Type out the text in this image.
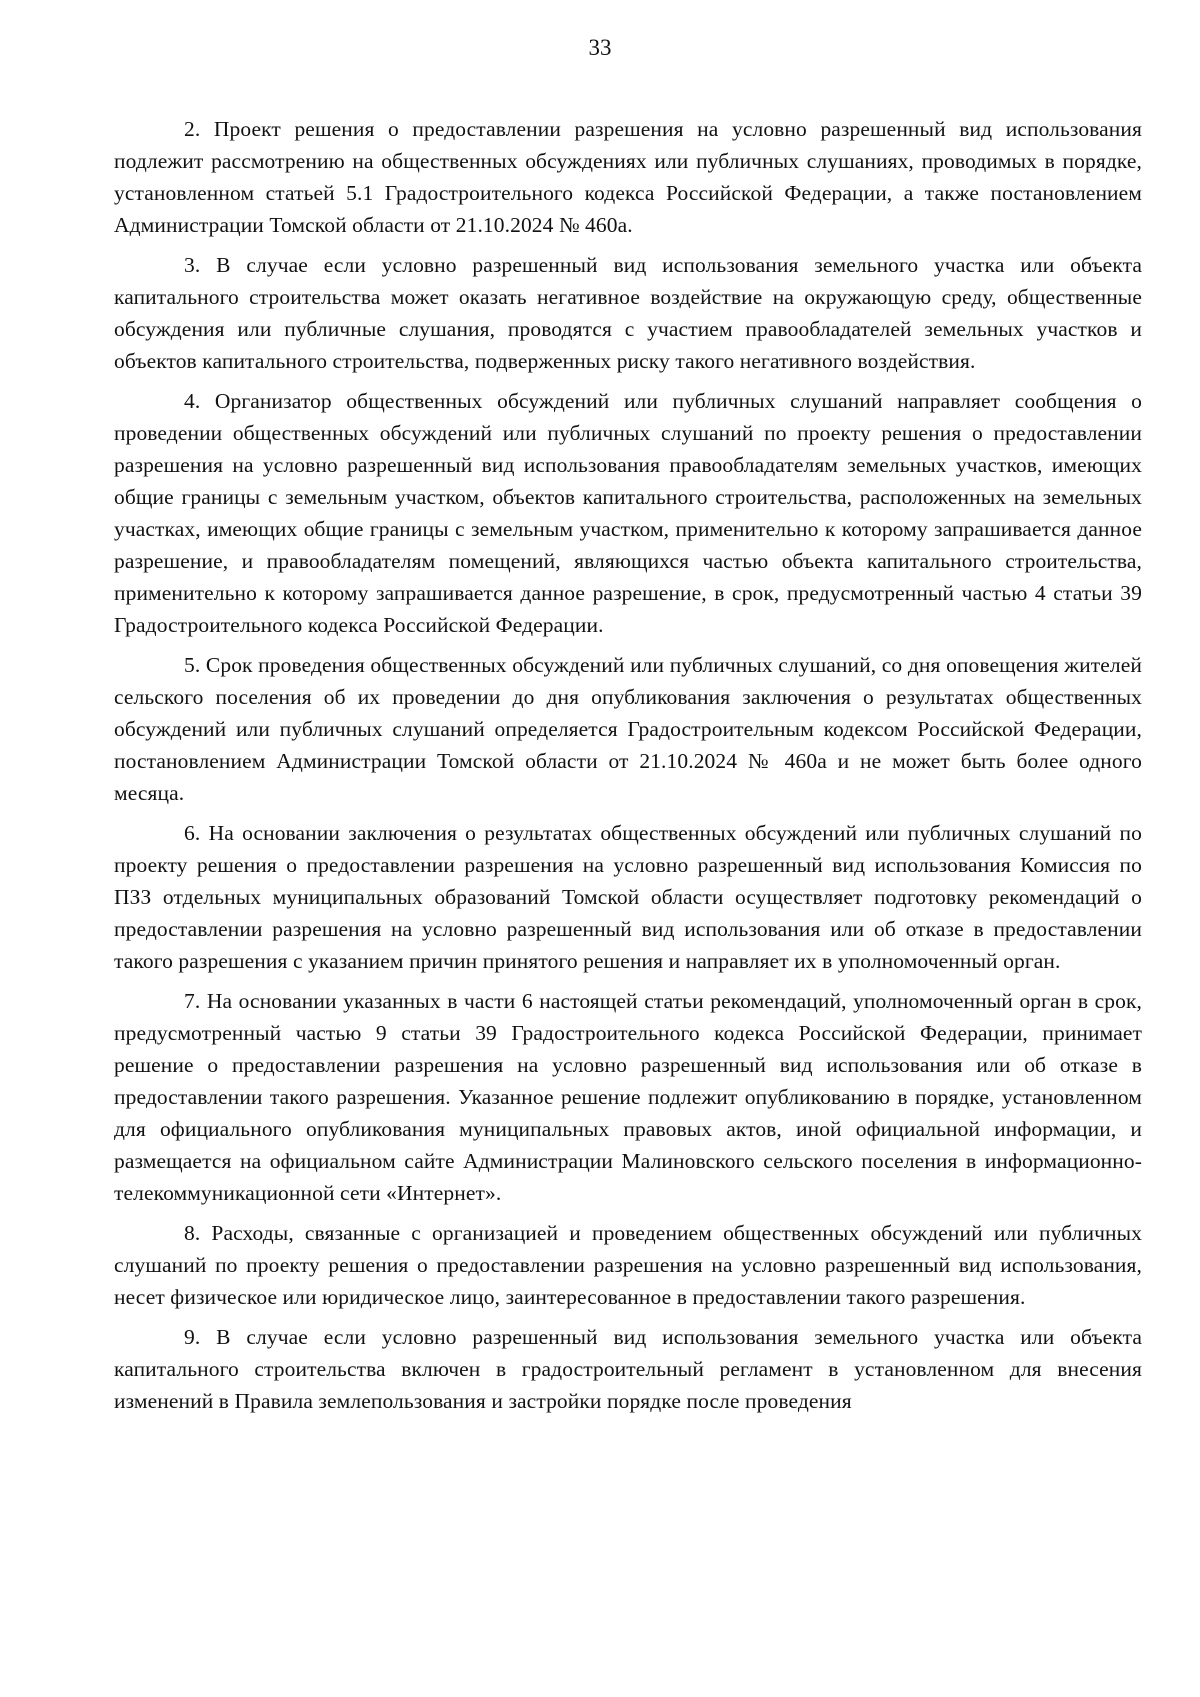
33

2. Проект решения о предоставлении разрешения на условно разрешенный вид использования подлежит рассмотрению на общественных обсуждениях или публичных слушаниях, проводимых в порядке, установленном статьей 5.1 Градостроительного кодекса Российской Федерации, а также постановлением Администрации Томской области от 21.10.2024 № 460а.

3. В случае если условно разрешенный вид использования земельного участка или объекта капитального строительства может оказать негативное воздействие на окружающую среду, общественные обсуждения или публичные слушания, проводятся с участием правообладателей земельных участков и объектов капитального строительства, подверженных риску такого негативного воздействия.

4. Организатор общественных обсуждений или публичных слушаний направляет сообщения о проведении общественных обсуждений или публичных слушаний по проекту решения о предоставлении разрешения на условно разрешенный вид использования правообладателям земельных участков, имеющих общие границы с земельным участком, объектов капитального строительства, расположенных на земельных участках, имеющих общие границы с земельным участком, применительно к которому запрашивается данное разрешение, и правообладателям помещений, являющихся частью объекта капитального строительства, применительно к которому запрашивается данное разрешение, в срок, предусмотренный частью 4 статьи 39 Градостроительного кодекса Российской Федерации.

5. Срок проведения общественных обсуждений или публичных слушаний, со дня оповещения жителей сельского поселения об их проведении до дня опубликования заключения о результатах общественных обсуждений или публичных слушаний определяется Градостроительным кодексом Российской Федерации, постановлением Администрации Томской области от 21.10.2024 № 460а и не может быть более одного месяца.

6. На основании заключения о результатах общественных обсуждений или публичных слушаний по проекту решения о предоставлении разрешения на условно разрешенный вид использования Комиссия по ПЗЗ отдельных муниципальных образований Томской области осуществляет подготовку рекомендаций о предоставлении разрешения на условно разрешенный вид использования или об отказе в предоставлении такого разрешения с указанием причин принятого решения и направляет их в уполномоченный орган.

7. На основании указанных в части 6 настоящей статьи рекомендаций, уполномоченный орган в срок, предусмотренный частью 9 статьи 39 Градостроительного кодекса Российской Федерации, принимает решение о предоставлении разрешения на условно разрешенный вид использования или об отказе в предоставлении такого разрешения. Указанное решение подлежит опубликованию в порядке, установленном для официального опубликования муниципальных правовых актов, иной официальной информации, и размещается на официальном сайте Администрации Малиновского сельского поселения в информационно-телекоммуникационной сети «Интернет».

8. Расходы, связанные с организацией и проведением общественных обсуждений или публичных слушаний по проекту решения о предоставлении разрешения на условно разрешенный вид использования, несет физическое или юридическое лицо, заинтересованное в предоставлении такого разрешения.

9. В случае если условно разрешенный вид использования земельного участка или объекта капитального строительства включен в градостроительный регламент в установленном для внесения изменений в Правила землепользования и застройки порядке после проведения
